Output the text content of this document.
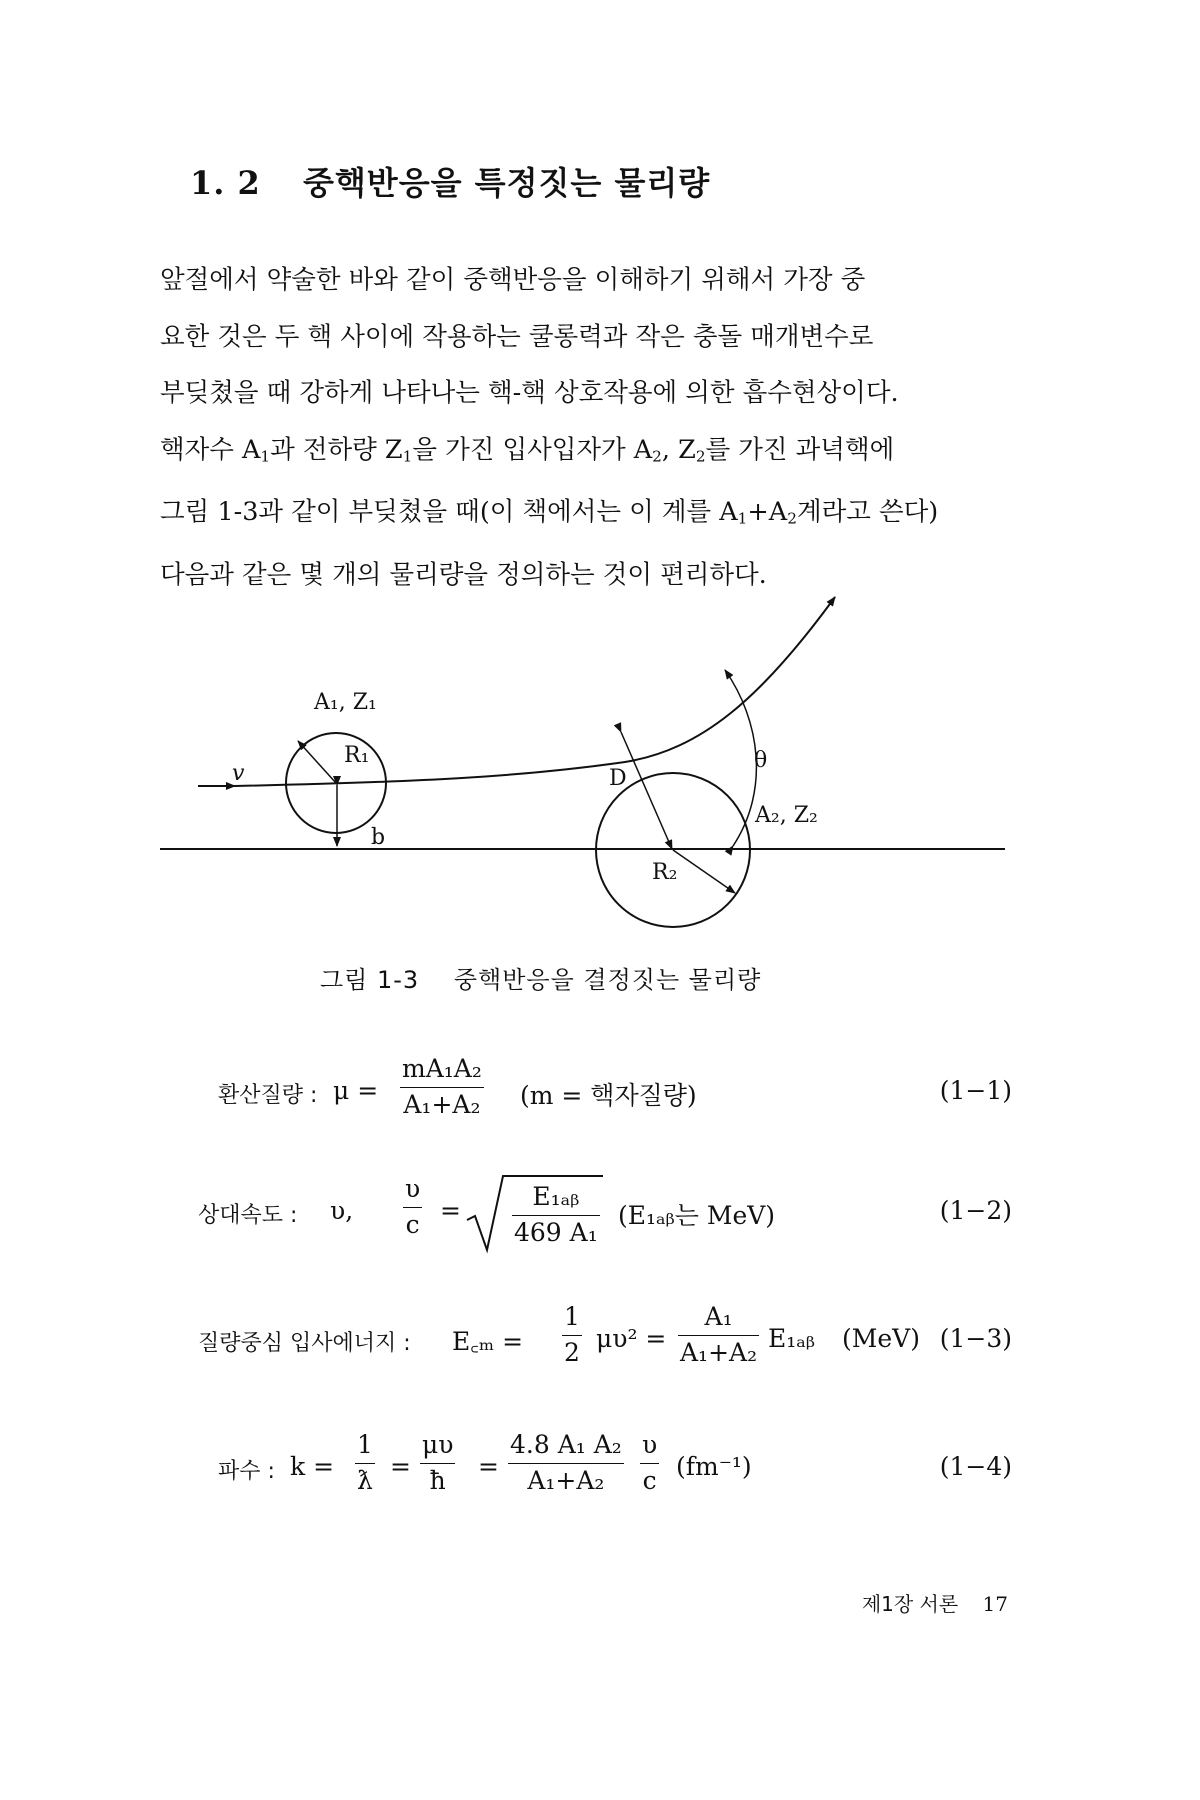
1. 2 중핵반응을 특정짓는 물리량
앞절에서 약술한 바와 같이 중핵반응을 이해하기 위해서 가장 중
요한 것은 두 핵 사이에 작용하는 쿨롱력과 작은 충돌 매개변수로
부딪쳤을 때 강하게 나타나는 핵-핵 상호작용에 의한 흡수현상이다.
핵자수 $A_1$과 전하량 $Z_1$을 가진 입사입자가 $A_2$, $Z_2$를 가진 과녁핵에
그림 1-3과 같이 부딪쳤을 때(이 책에서는 이 계를 $A_1+A_2$계라고 쓴다)
다음과 같은 몇 개의 물리량을 정의하는 것이 편리하다.
A₁, Z₁
R₁
v
b
D
θ
A₂, Z₂
R₂
그림 1-3 중핵반응을 결정짓는 물리량
환산질량 : $\mu = \frac{\text{mA₁A₂}}{\text{A₁+A₂}} (m$ = 핵자질량)	(1−1)
상대속도 : υ, $\frac{\upsilon}{c} = \frac{\text{E₁ₐᵦ}}{\text{469 A₁}}$ (E₁ₐᵦ는 MeV)	(1−2)
질량중심 입사에너지 : E꜀ₘ = $\frac{1}{2} \mu\upsilon^2 = \frac{\text{A₁}}{\text{A₁+A₂}}$ E₁ₐᵦ (MeV) (1−3)
파수 : $k = \frac{1}{ƛ} = \frac{\mu\upsilon}{ħ} = \frac{\text{4.8 A₁ A₂}}{\text{A₁+A₂}} \frac{\upsilon}{c} (fm^{-1})$	(1−4)
제1장 서론 17
